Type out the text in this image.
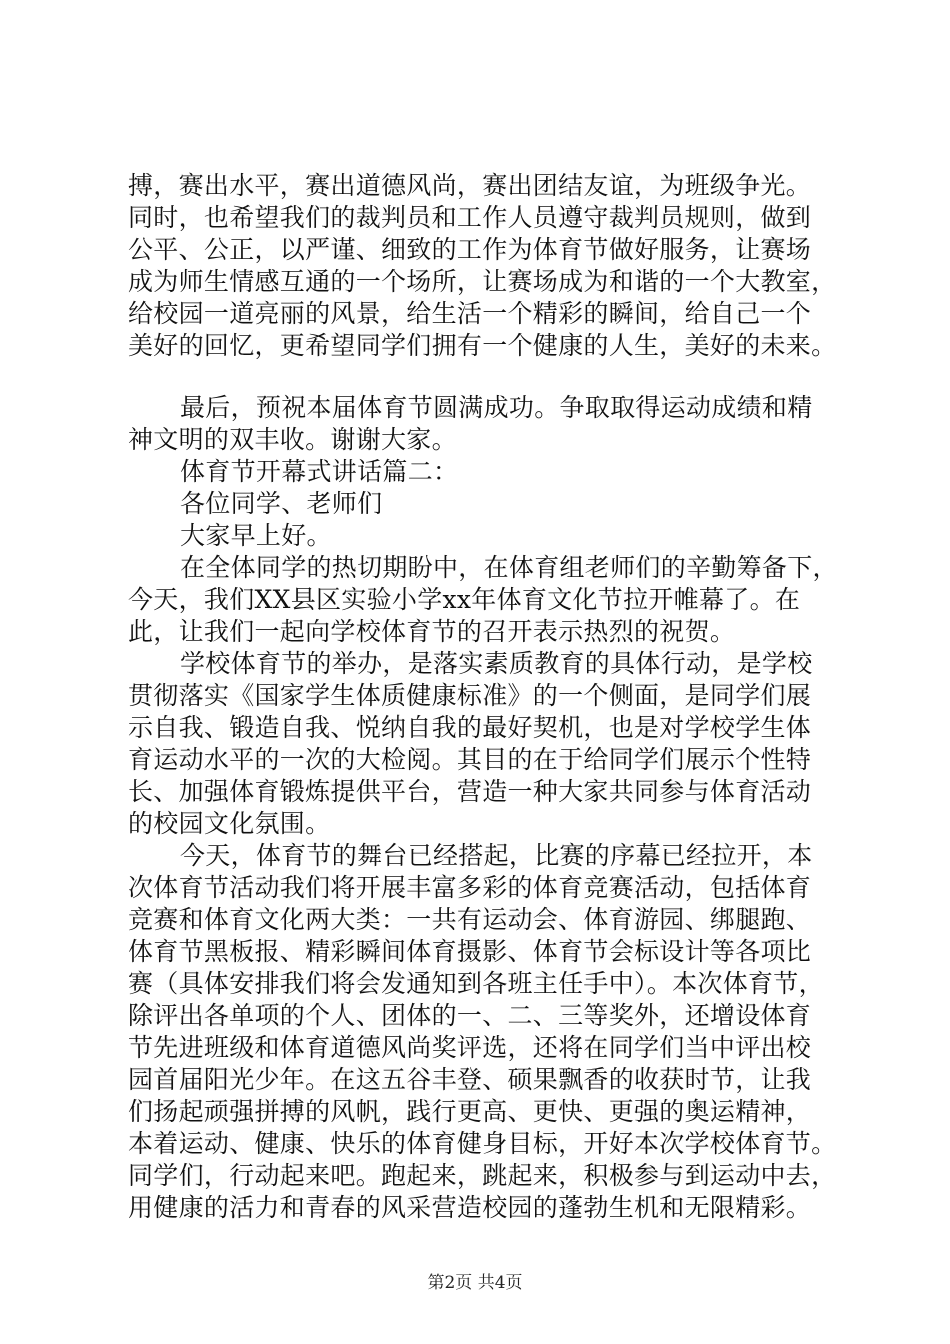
搏，赛出水平，赛出道德风尚，赛出团结友谊，为班级争光。
同时，也希望我们的裁判员和工作人员遵守裁判员规则，做到
公平、公正，以严谨、细致的工作为体育节做好服务，让赛场
成为师生情感互通的一个场所，让赛场成为和谐的一个大教室，
给校园一道亮丽的风景，给生活一个精彩的瞬间，给自己一个
美好的回忆，更希望同学们拥有一个健康的人生，美好的未来。
最后，预祝本届体育节圆满成功。争取取得运动成绩和精
神文明的双丰收。谢谢大家。
体育节开幕式讲话篇二：
各位同学、老师们
大家早上好。
在全体同学的热切期盼中，在体育组老师们的辛勤筹备下，
今天，我们XX县区实验小学xx年体育文化节拉开帷幕了。在
此，让我们一起向学校体育节的召开表示热烈的祝贺。
学校体育节的举办，是落实素质教育的具体行动，是学校
贯彻落实《国家学生体质健康标准》的一个侧面，是同学们展
示自我、锻造自我、悦纳自我的最好契机，也是对学校学生体
育运动水平的一次的大检阅。其目的在于给同学们展示个性特
长、加强体育锻炼提供平台，营造一种大家共同参与体育活动
的校园文化氛围。
今天，体育节的舞台已经搭起，比赛的序幕已经拉开，本
次体育节活动我们将开展丰富多彩的体育竞赛活动，包括体育
竞赛和体育文化两大类：一共有运动会、体育游园、绑腿跑、
体育节黑板报、精彩瞬间体育摄影、体育节会标设计等各项比
赛（具体安排我们将会发通知到各班主任手中）。本次体育节，
除评出各单项的个人、团体的一、二、三等奖外，还增设体育
节先进班级和体育道德风尚奖评选，还将在同学们当中评出校
园首届阳光少年。在这五谷丰登、硕果飘香的收获时节，让我
们扬起顽强拼搏的风帆，践行更高、更快、更强的奥运精神，
本着运动、健康、快乐的体育健身目标，开好本次学校体育节。
同学们，行动起来吧。跑起来，跳起来，积极参与到运动中去，
用健康的活力和青春的风采营造校园的蓬勃生机和无限精彩。
第2页 共4页
